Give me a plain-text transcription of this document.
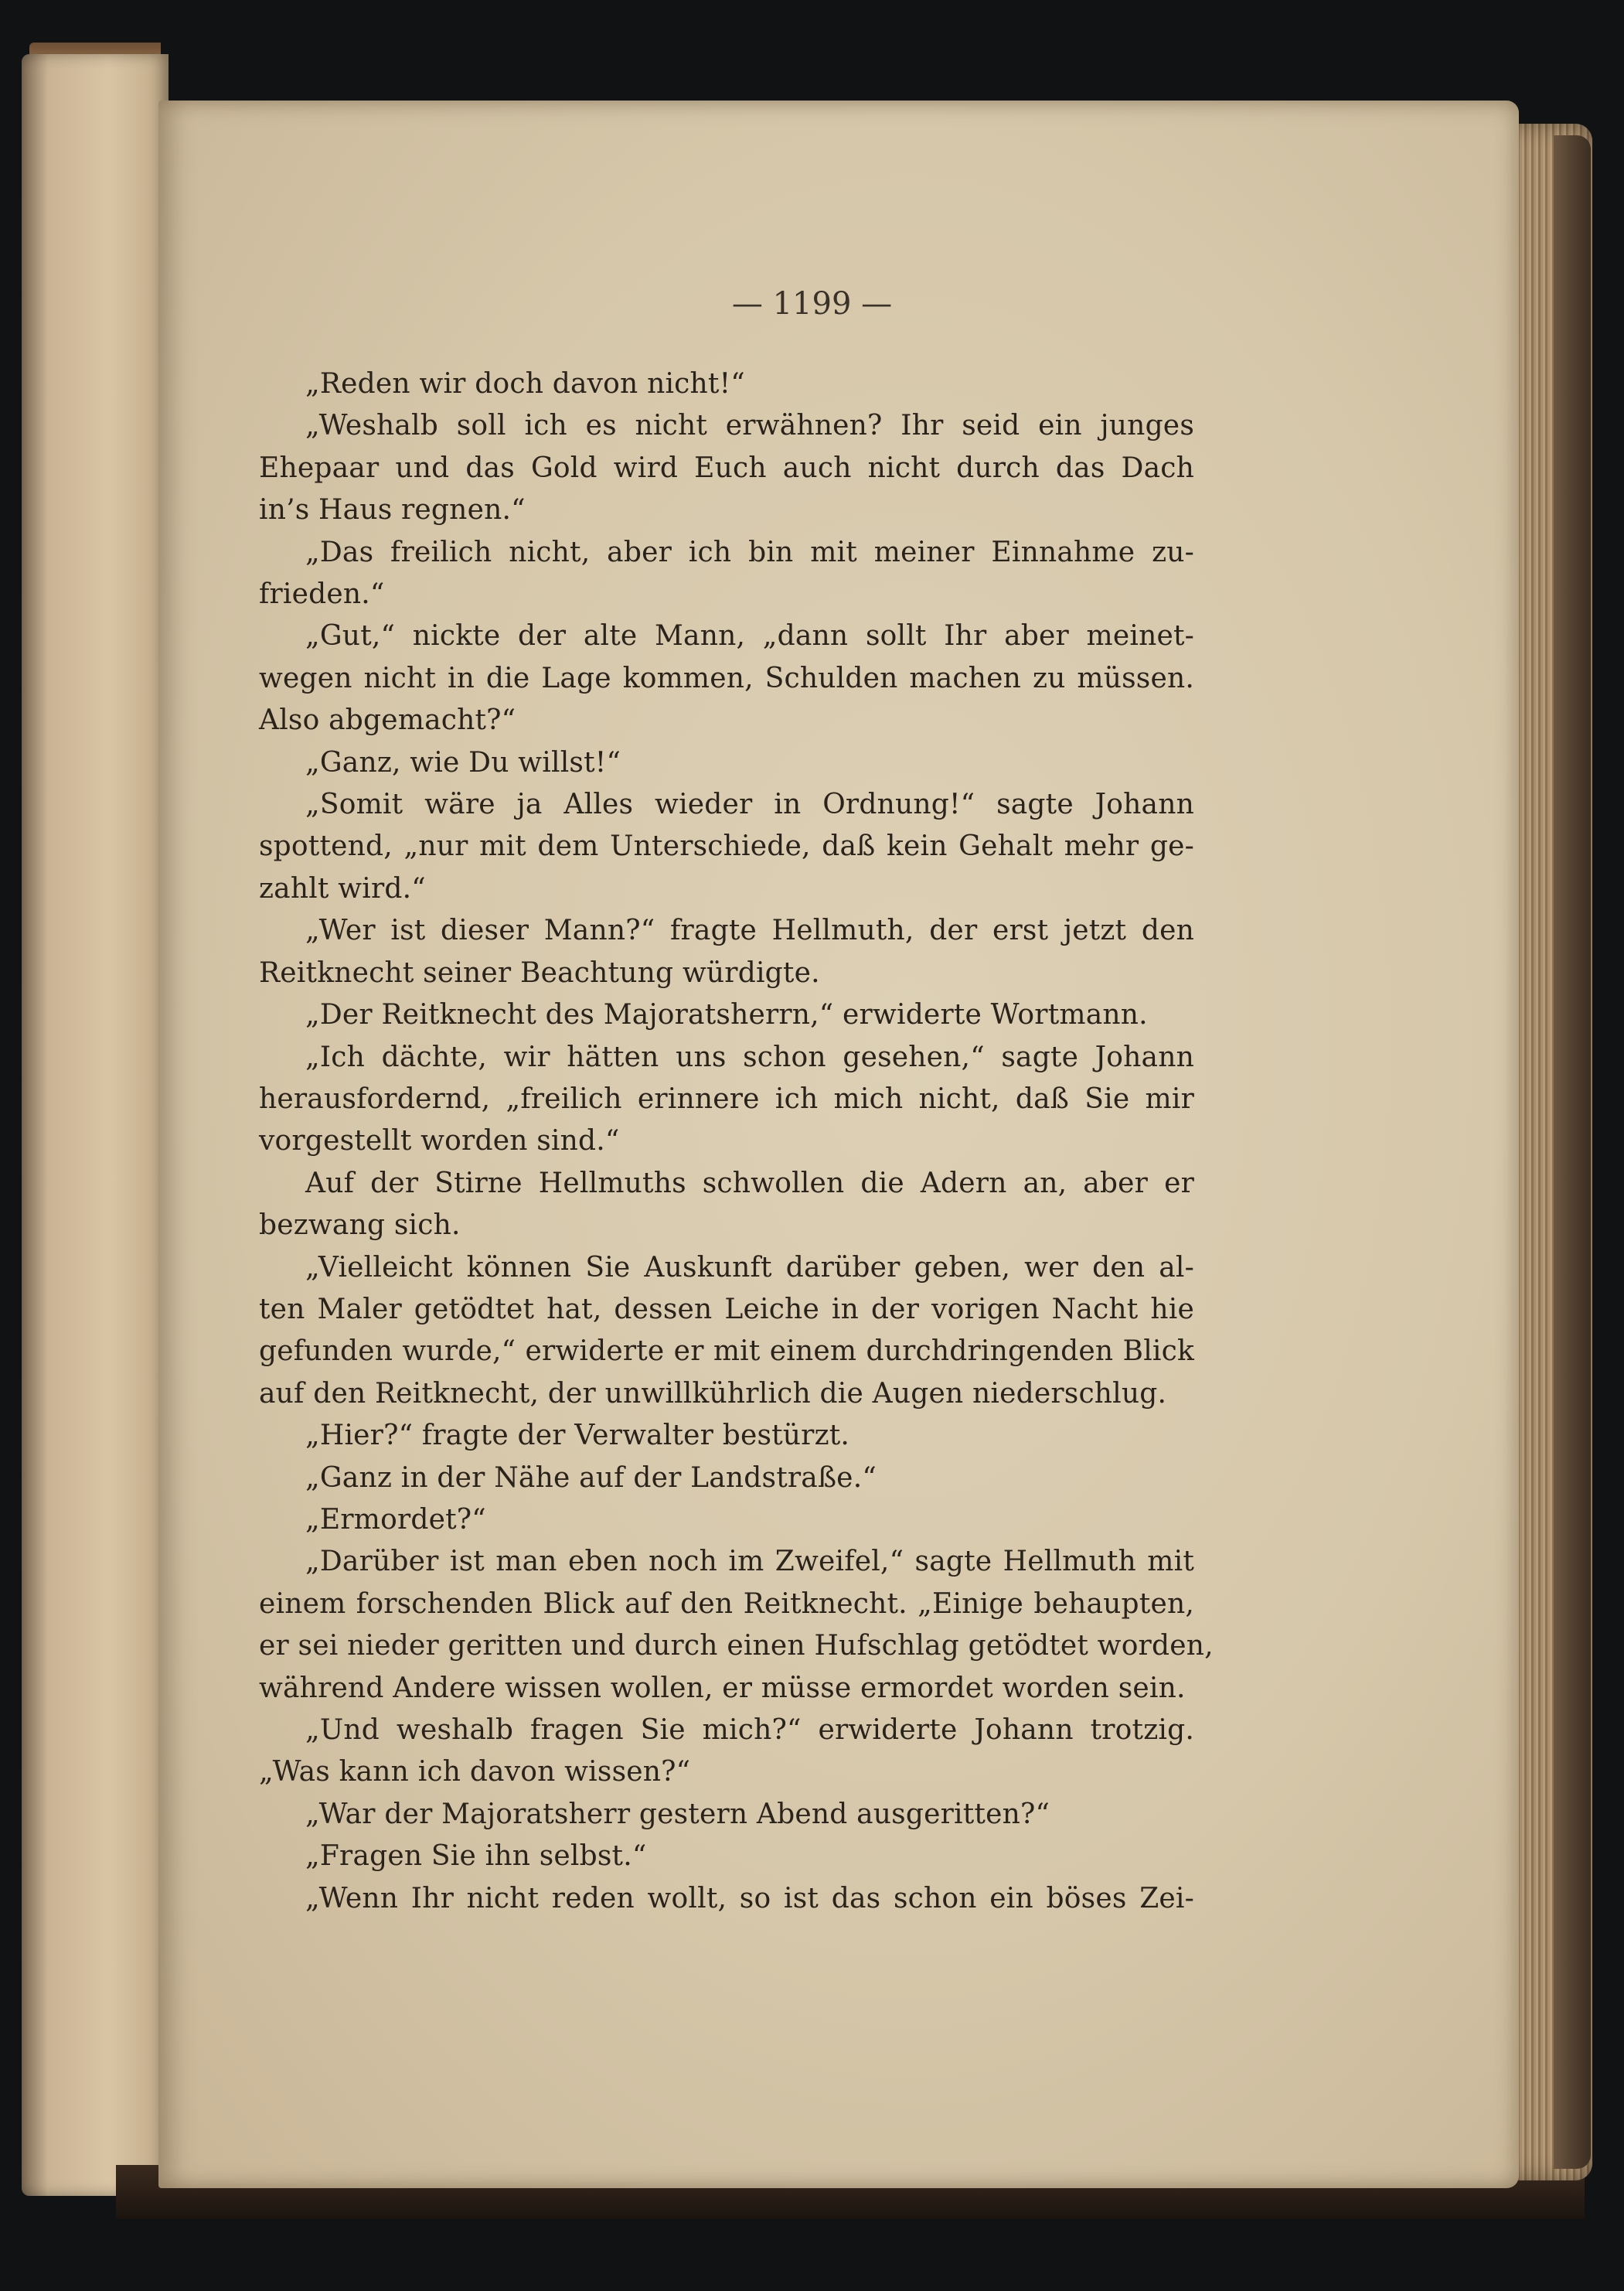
— 1199 —
„Reden wir doch davon nicht!“
„Weshalb soll ich es nicht erwähnen? Ihr seid ein junges
Ehepaar und das Gold wird Euch auch nicht durch das Dach
in’s Haus regnen.“
„Das freilich nicht, aber ich bin mit meiner Einnahme zu-
frieden.“
„Gut,“ nickte der alte Mann, „dann sollt Ihr aber meinet-
wegen nicht in die Lage kommen, Schulden machen zu müssen.
Also abgemacht?“
„Ganz, wie Du willst!“
„Somit wäre ja Alles wieder in Ordnung!“ sagte Johann
spottend, „nur mit dem Unterschiede, daß kein Gehalt mehr ge-
zahlt wird.“
„Wer ist dieser Mann?“ fragte Hellmuth, der erst jetzt den
Reitknecht seiner Beachtung würdigte.
„Der Reitknecht des Majoratsherrn,“ erwiderte Wortmann.
„Ich dächte, wir hätten uns schon gesehen,“ sagte Johann
herausfordernd, „freilich erinnere ich mich nicht, daß Sie mir
vorgestellt worden sind.“
Auf der Stirne Hellmuths schwollen die Adern an, aber er
bezwang sich.
„Vielleicht können Sie Auskunft darüber geben, wer den al-
ten Maler getödtet hat, dessen Leiche in der vorigen Nacht hie
gefunden wurde,“ erwiderte er mit einem durchdringenden Blick
auf den Reitknecht, der unwillkührlich die Augen niederschlug.
„Hier?“ fragte der Verwalter bestürzt.
„Ganz in der Nähe auf der Landstraße.“
„Ermordet?“
„Darüber ist man eben noch im Zweifel,“ sagte Hellmuth mit
einem forschenden Blick auf den Reitknecht. „Einige behaupten,
er sei nieder geritten und durch einen Hufschlag getödtet worden,
während Andere wissen wollen, er müsse ermordet worden sein.
„Und weshalb fragen Sie mich?“ erwiderte Johann trotzig.
„Was kann ich davon wissen?“
„War der Majoratsherr gestern Abend ausgeritten?“
„Fragen Sie ihn selbst.“
„Wenn Ihr nicht reden wollt, so ist das schon ein böses Zei-
